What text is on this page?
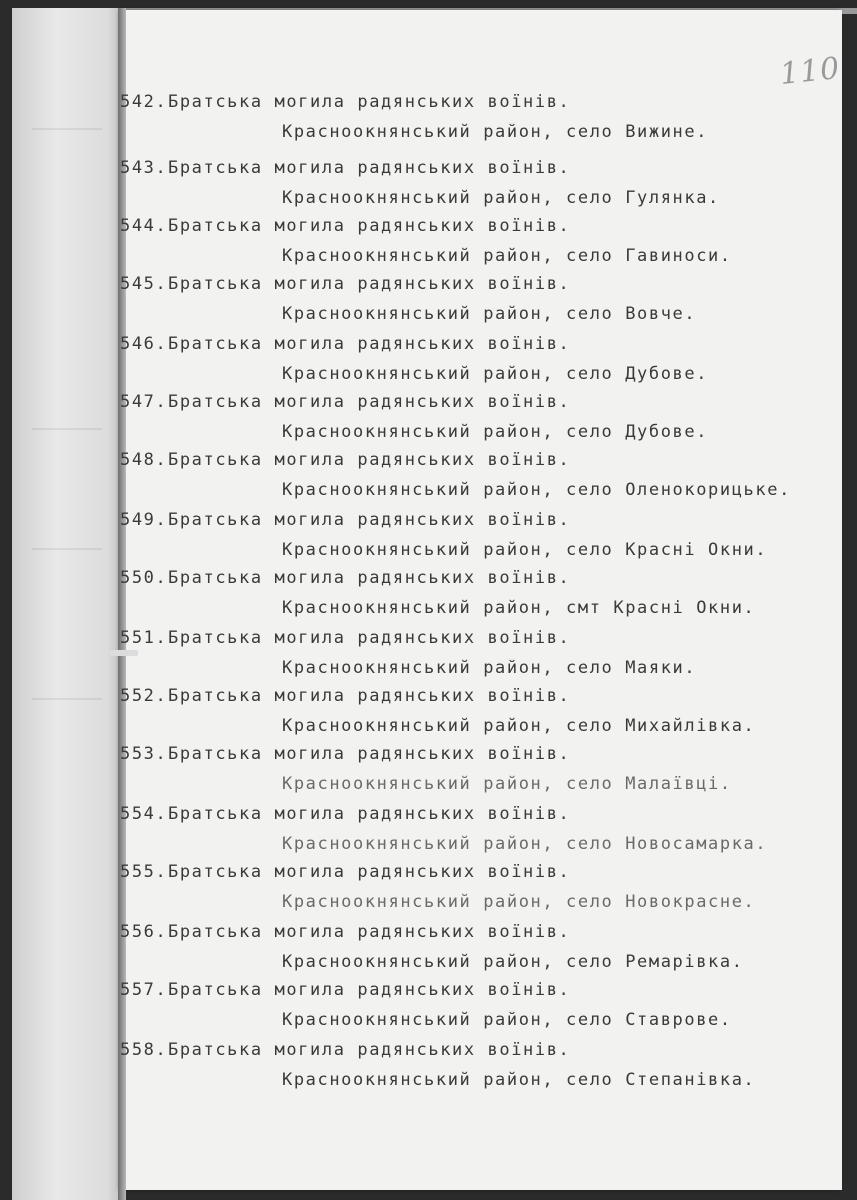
110
542.Братська могила радянських воїнів.
Красноокнянський район, село Вижине.
543.Братська могила радянських воїнів.
Красноокнянський район, село Гулянка.
544.Братська могила радянських воїнів.
Красноокнянський район, село Гавиноси.
545.Братська могила радянських воїнів.
Красноокнянський район, село Вовче.
546.Братська могила радянських воїнів.
Красноокнянський район, село Дубове.
547.Братська могила радянських воїнів.
Красноокнянський район, село Дубове.
548.Братська могила радянських воїнів.
Красноокнянський район, село Оленокорицьке.
549.Братська могила радянських воїнів.
Красноокнянський район, село Красні Окни.
550.Братська могила радянських воїнів.
Красноокнянський район, смт Красні Окни.
551.Братська могила радянських воїнів.
Красноокнянський район, село Маяки.
552.Братська могила радянських воїнів.
Красноокнянський район, село Михайлівка.
553.Братська могила радянських воїнів.
Красноокнянський район, село Малаївці.
554.Братська могила радянських воїнів.
Красноокнянський район, село Новосамарка.
555.Братська могила радянських воїнів.
Красноокнянський район, село Новокрасне.
556.Братська могила радянських воїнів.
Красноокнянський район, село Ремарівка.
557.Братська могила радянських воїнів.
Красноокнянський район, село Ставрове.
558.Братська могила радянських воїнів.
Красноокнянський район, село Степанівка.
